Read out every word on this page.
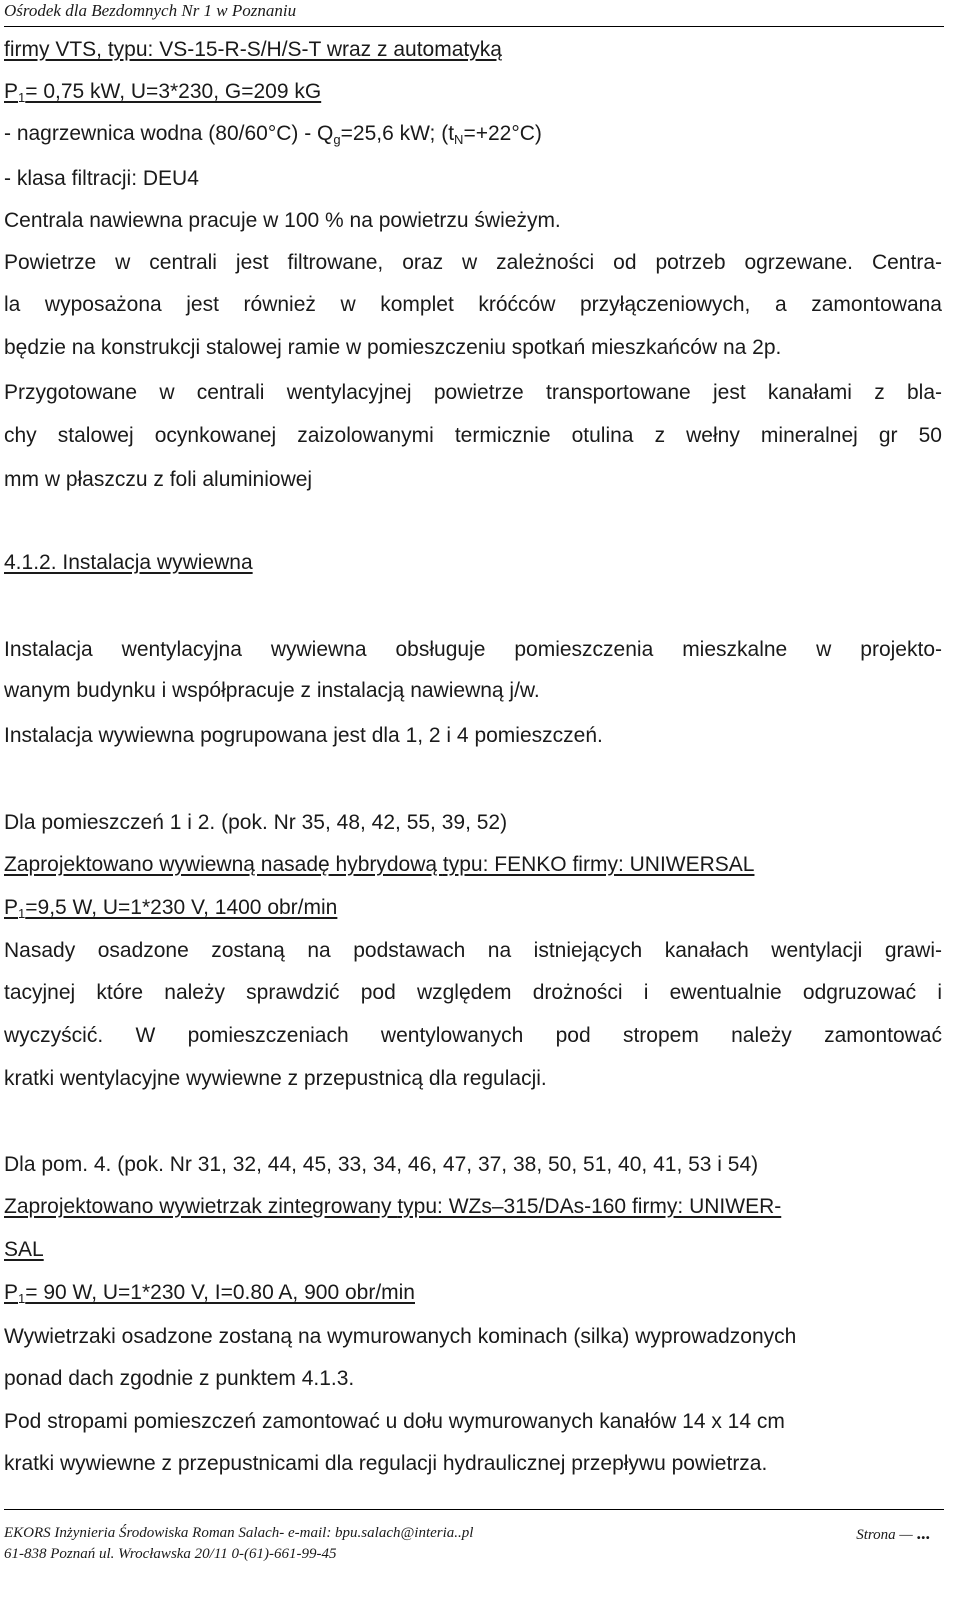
Ośrodek dla Bezdomnych Nr 1 w Poznaniu
firmy VTS, typu: VS-15-R-S/H/S-T wraz z automatyką
$P_1= 0,75$ kW, U=3*230, G=209 kG
- nagrzewnica wodna $(80/60^\circ C) - Q_g=25,6$ kW; $(t_N=+22^\circ C)$
- klasa filtracji: DEU4
Centrala nawiewna pracuje w 100 % na powietrzu świeżym.
Powietrze w centrali jest filtrowane, oraz w zależności od potrzeb ogrzewane. Centra-
la wyposażona jest również w komplet króćców przyłączeniowych, a zamontowana
będzie na konstrukcji stalowej ramie w pomieszczeniu spotkań mieszkańców na 2p.
Przygotowane w centrali wentylacyjnej powietrze transportowane jest kanałami z bla-
chy stalowej ocynkowanej zaizolowanymi termicznie otulina z wełny mineralnej gr 50
mm w płaszczu z foli aluminiowej
4.1.2. Instalacja wywiewna
Instalacja wentylacyjna wywiewna obsługuje pomieszczenia mieszkalne w projekto-
wanym budynku i współpracuje z instalacją nawiewną j/w.
Instalacja wywiewna pogrupowana jest dla 1, 2 i 4 pomieszczeń.
Dla pomieszczeń 1 i 2. (pok. Nr 35, 48, 42, 55, 39, 52)
Zaprojektowano wywiewną nasadę hybrydową typu: FENKO firmy: UNIWERSAL
$P_1=9,5$ W, U=1*230 V, 1400 obr/min
Nasady osadzone zostaną na podstawach na istniejących kanałach wentylacji grawi-
tacyjnej które należy sprawdzić pod względem drożności i ewentualnie odgruzować i
wyczyścić. W pomieszczeniach wentylowanych pod stropem należy zamontować
kratki wentylacyjne wywiewne z przepustnicą dla regulacji.
Dla pom. 4. (pok. Nr 31, 32, 44, 45, 33, 34, 46, 47, 37, 38, 50, 51, 40, 41, 53 i 54)
Zaprojektowano wywietrzak zintegrowany typu: WZs–315/DAs-160 firmy: UNIWER-
SAL
$P_1= 90$ W, U=1*230 V, I=0.80 A, 900 obr/min
Wywietrzaki osadzone zostaną na wymurowanych kominach (silka) wyprowadzonych
ponad dach zgodnie z punktem 4.1.3.
Pod stropami pomieszczeń zamontować u dołu wymurowanych kanałów 14 x 14 cm
kratki wywiewne z przepustnicami dla regulacji hydraulicznej przepływu powietrza.
EKORS Inżynieria Środowiska Roman Salach- e-mail: bpu.salach@interia..pl
61-838 Poznań ul. Wrocławska 20/11 0-(61)-661-99-45
Strona — ...
